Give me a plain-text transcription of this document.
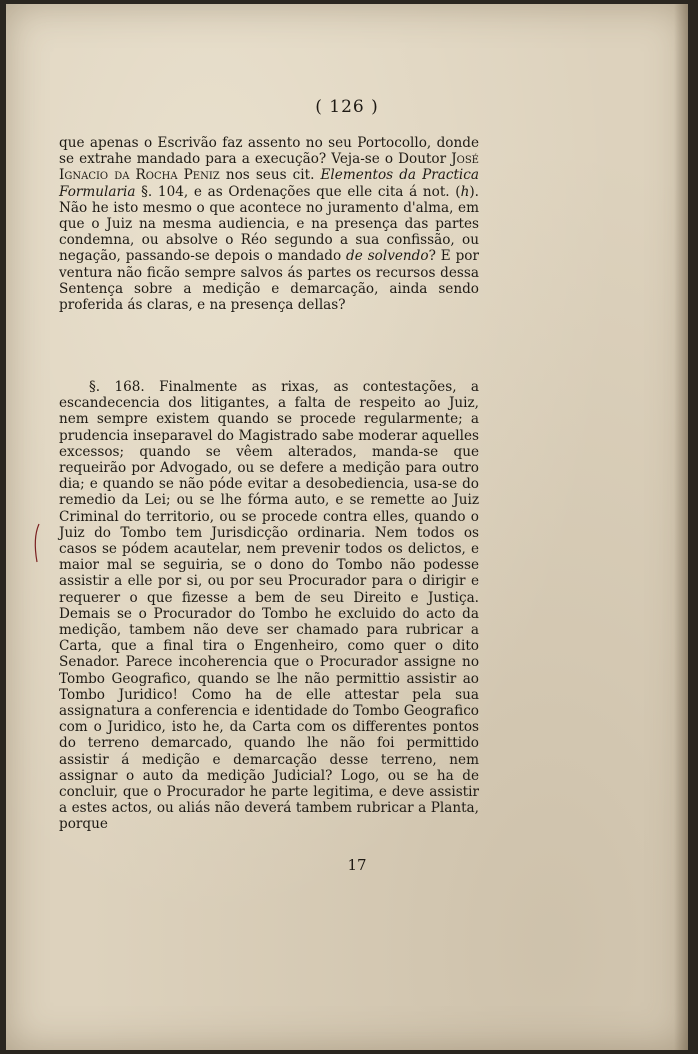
( 126 )

que apenas o Escrivão faz assento no seu Portocollo, donde se extrahe mandado para a execução? Veja-se o Doutor José Ignacio da Rocha Peniz nos seus cit. Elementos da Practica Formularia §. 104, e as Ordenações que elle cita á not. (h). Não he isto mesmo o que acontece no juramento d'alma, em que o Juiz na mesma audiencia, e na presença das partes condemna, ou absolve o Réo segundo a sua confissão, ou negação, passando-se depois o mandado de solvendo? E por ventura não ficão sempre salvos ás partes os recursos dessa Sentença sobre a medição e demarcação, ainda sendo proferida ás claras, e na presença dellas?

§. 168. Finalmente as rixas, as contestações, a escandecencia dos litigantes, a falta de respeito ao Juiz, nem sempre existem quando se procede regularmente; a prudencia inseparavel do Magistrado sabe moderar aquelles excessos; quando se vêem alterados, manda-se que requeirão por Advogado, ou se defere a medição para outro dia; e quando se não póde evitar a desobediencia, usa-se do remedio da Lei; ou se lhe fórma auto, e se remette ao Juiz Criminal do territorio, ou se procede contra elles, quando o Juiz do Tombo tem Jurisdicção ordinaria. Nem todos os casos se pódem acautelar, nem prevenir todos os delictos, e maior mal se seguiria, se o dono do Tombo não podesse assistir a elle por si, ou por seu Procurador para o dirigir e requerer o que fizesse a bem de seu Direito e Justiça. Demais se o Procurador do Tombo he excluido do acto da medição, tambem não deve ser chamado para rubricar a Carta, que a final tira o Engenheiro, como quer o dito Senador. Parece incoherencia que o Procurador assigne no Tombo Geografico, quando se lhe não permittio assistir ao Tombo Juridico! Como ha de elle attestar pela sua assignatura a conferencia e identidade do Tombo Geografico com o Juridico, isto he, da Carta com os differentes pontos do terreno demarcado, quando lhe não foi permittido assistir á medição e demarcação desse terreno, nem assignar o auto da medição Judicial? Logo, ou se ha de concluir, que o Procurador he parte legitima, e deve assistir a estes actos, ou aliás não deverá tambem rubricar a Planta, porque

17
